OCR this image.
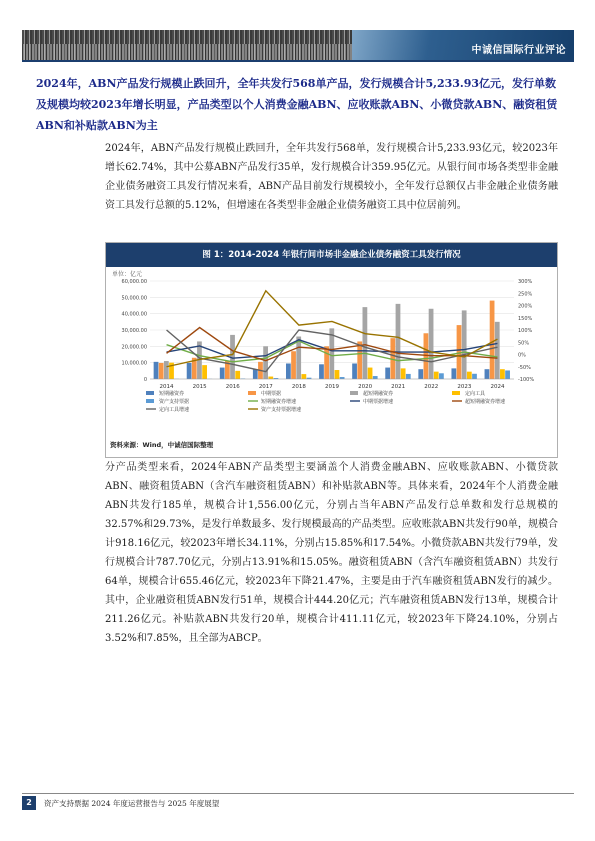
中诚信国际行业评论
2024年，ABN产品发行规模止跌回升，全年共发行568单产品，发行规模合计5,233.93亿元，发行单数及规模均较2023年增长明显，产品类型以个人消费金融ABN、应收账款ABN、小微贷款ABN、融资租赁ABN和补贴款ABN为主
2024年，ABN产品发行规模止跌回升，全年共发行568单，发行规模合计5,233.93亿元，较2023年增长62.74%，其中公募ABN产品发行35单，发行规模合计359.95亿元。从银行间市场各类型非金融企业债务融资工具发行情况来看，ABN产品目前发行规模较小，全年发行总额仅占非金融企业债务融资工具发行总额的5.12%，但增速在各类型非金融企业债务融资工具中位居前列。
图 1：2014-2024 年银行间市场非金融企业债务融资工具发行情况
单位：亿元
0
10,000.00
20,000.00
30,000.00
40,000.00
50,000.00
60,000.00
-100%
-50%
0%
50%
100%
150%
200%
250%
300%
2014	2015	2016	2017	2018	2019	2020	2021	2022	2023	2024
短期融资券	中期票据	超短期融资券	定向工具
资产支持票据	短期融资券增速	中期票据增速	超短期融资券增速
定向工具增速	资产支持票据增速
资料来源：Wind，中诚信国际整理
分产品类型来看，2024年ABN产品类型主要涵盖个人消费金融ABN、应收账款ABN、小微贷款ABN、融资租赁ABN（含汽车融资租赁ABN）和补贴款ABN等。具体来看，2024年个人消费金融ABN共发行185单，规模合计1,556.00亿元，分别占当年ABN产品发行总单数和发行总规模的32.57%和29.73%，是发行单数最多、发行规模最高的产品类型。应收账款ABN共发行90单，规模合计918.16亿元，较2023年增长34.11%，分别占15.85%和17.54%。小微贷款ABN共发行79单，发行规模合计787.70亿元，分别占13.91%和15.05%。融资租赁ABN（含汽车融资租赁ABN）共发行64单，规模合计655.46亿元，较2023年下降21.47%，主要是由于汽车融资租赁ABN发行的减少。其中，企业融资租赁ABN发行51单，规模合计444.20亿元；汽车融资租赁ABN发行13单，规模合计211.26亿元。补贴款ABN共发行20单，规模合计411.11亿元，较2023年下降24.10%，分别占3.52%和7.85%，且全部为ABCP。
2	资产支持票据 2024 年度运营报告与 2025 年度展望
